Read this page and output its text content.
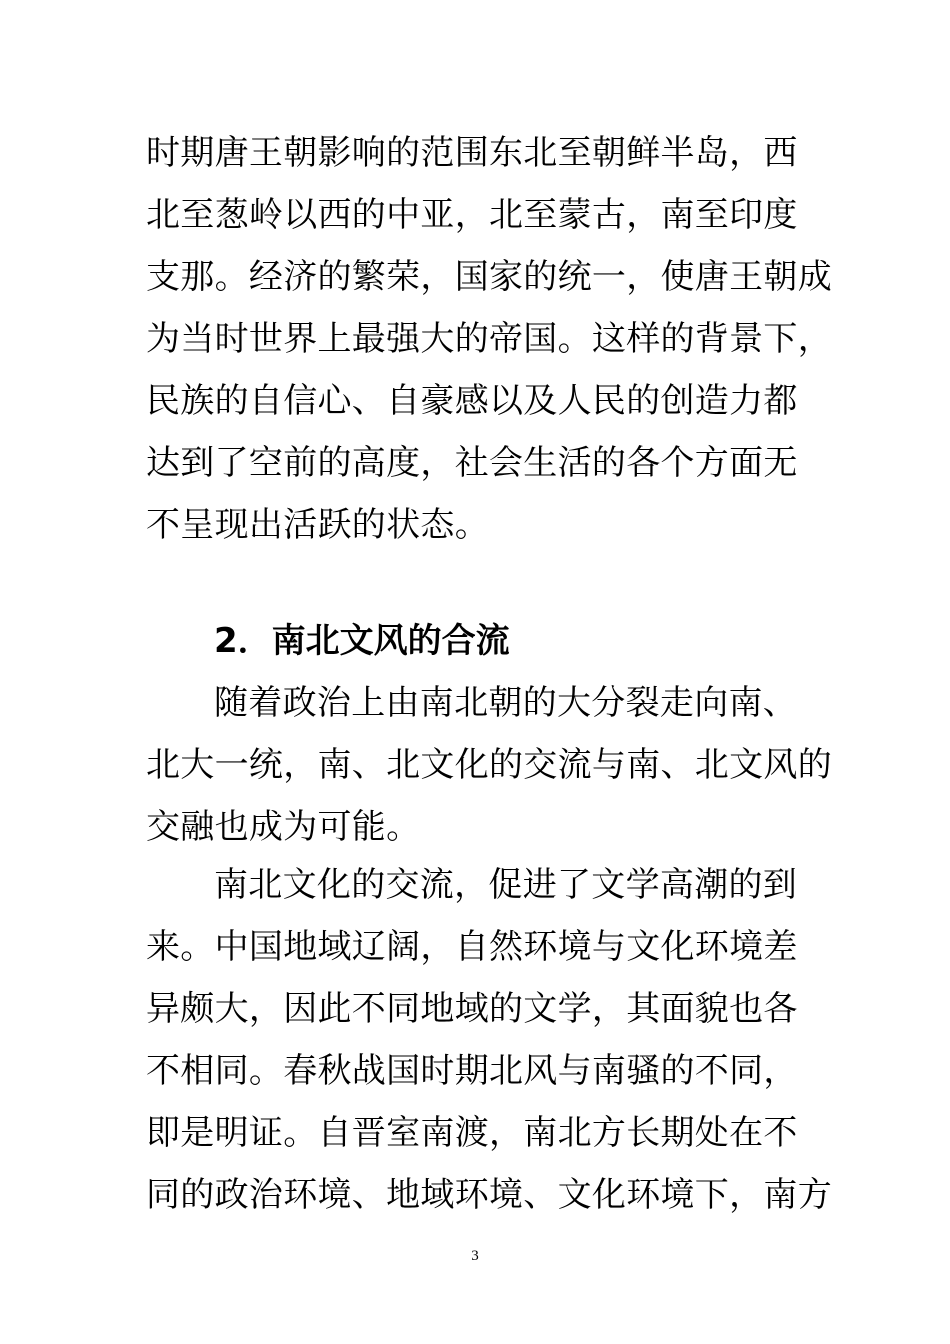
时期唐王朝影响的范围东北至朝鲜半岛，西
北至葱岭以西的中亚，北至蒙古，南至印度
支那。经济的繁荣，国家的统一，使唐王朝成
为当时世界上最强大的帝国。这样的背景下，
民族的自信心、自豪感以及人民的创造力都
达到了空前的高度，社会生活的各个方面无
不呈现出活跃的状态。
2．南北文风的合流
随着政治上由南北朝的大分裂走向南、
北大一统，南、北文化的交流与南、北文风的
交融也成为可能。
南北文化的交流，促进了文学高潮的到
来。中国地域辽阔，自然环境与文化环境差
异颇大，因此不同地域的文学，其面貌也各
不相同。春秋战国时期北风与南骚的不同，
即是明证。自晋室南渡，南北方长期处在不
同的政治环境、地域环境、文化环境下，南方
3
